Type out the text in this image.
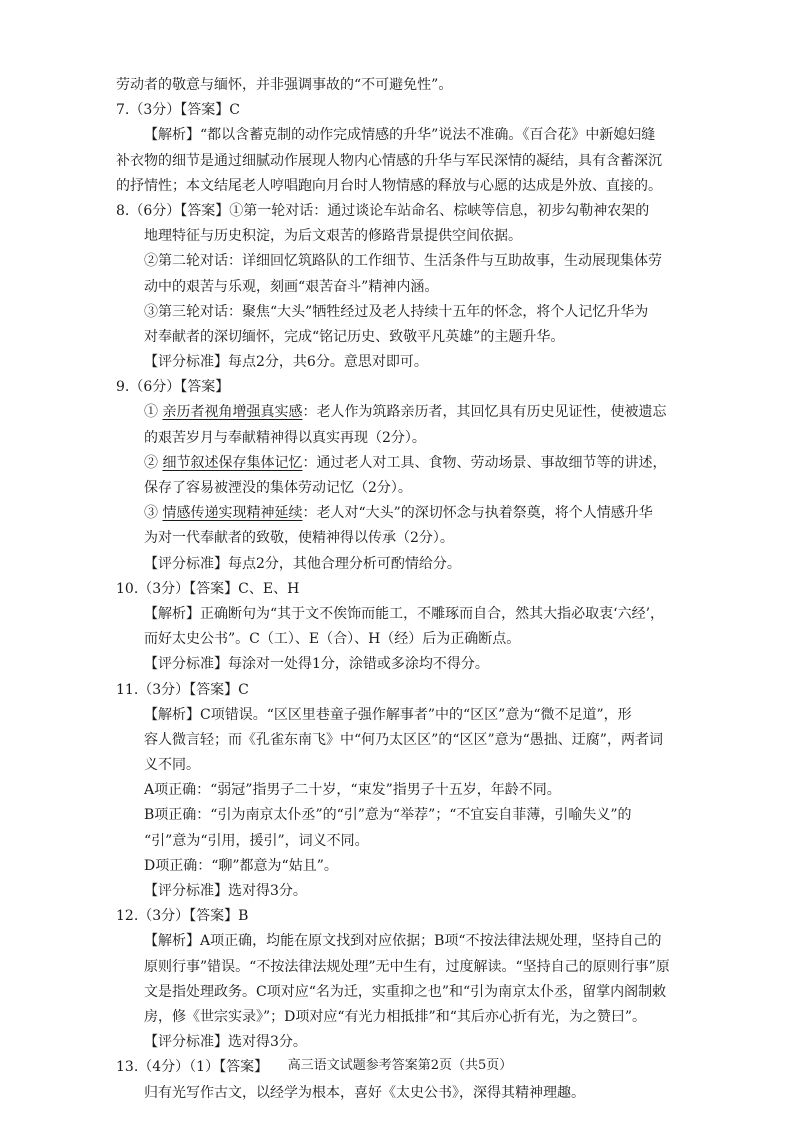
劳动者的敬意与缅怀，并非强调事故的“不可避免性”。
7.（3分）【答案】C
【解析】“都以含蓄克制的动作完成情感的升华”说法不准确。《百合花》中新媳妇缝
补衣物的细节是通过细腻动作展现人物内心情感的升华与军民深情的凝结，具有含蓄深沉
的抒情性；本文结尾老人哼唱跑向月台时人物情感的释放与心愿的达成是外放、直接的。
8.（6分）【答案】①第一轮对话：通过谈论车站命名、棕峡等信息，初步勾勒神农架的
地理特征与历史积淀，为后文艰苦的修路背景提供空间依据。
②第二轮对话：详细回忆筑路队的工作细节、生活条件与互助故事，生动展现集体劳
动中的艰苦与乐观，刻画“艰苦奋斗”精神内涵。
③第三轮对话：聚焦“大头”牺牲经过及老人持续十五年的怀念，将个人记忆升华为
对奉献者的深切缅怀，完成“铭记历史、致敬平凡英雄”的主题升华。
【评分标准】每点2分，共6分。意思对即可。
9.（6分）【答案】
① 亲历者视角增强真实感：老人作为筑路亲历者，其回忆具有历史见证性，使被遗忘
的艰苦岁月与奉献精神得以真实再现（2分）。
② 细节叙述保存集体记忆：通过老人对工具、食物、劳动场景、事故细节等的讲述，
保存了容易被湮没的集体劳动记忆（2分）。
③ 情感传递实现精神延续：老人对“大头”的深切怀念与执着祭奠，将个人情感升华
为对一代奉献者的致敬，使精神得以传承（2分）。
【评分标准】每点2分，其他合理分析可酌情给分。
10.（3分）【答案】C、E、H
【解析】正确断句为“其于文不俟饰而能工，不雕琢而自合，然其大指必取衷‘六经’，
而好太史公书”。C（工）、E（合）、H（经）后为正确断点。
【评分标准】每涂对一处得1分，涂错或多涂均不得分。
11.（3分）【答案】C
【解析】C项错误。“区区里巷童子强作解事者”中的“区区”意为“微不足道”，形
容人微言轻；而《孔雀东南飞》中“何乃太区区”的“区区”意为“愚拙、迂腐”，两者词
义不同。
A项正确：“弱冠”指男子二十岁，“束发”指男子十五岁，年龄不同。
B项正确：“引为南京太仆丞”的“引”意为“举荐”；“不宜妄自菲薄，引喻失义”的
“引”意为“引用，援引”，词义不同。
D项正确：“聊”都意为“姑且”。
【评分标准】选对得3分。
12.（3分）【答案】B
【解析】A项正确，均能在原文找到对应依据；B项“不按法律法规处理，坚持自己的
原则行事”错误。“不按法律法规处理”无中生有，过度解读。“坚持自己的原则行事”原
文是指处理政务。C项对应“名为迁，实重抑之也”和“引为南京太仆丞，留掌内阁制敕
房，修《世宗实录》”；D项对应“有光力相抵排”和“其后亦心折有光，为之赞曰”。
【评分标准】选对得3分。
13.（4分）（1）【答案】
归有光写作古文，以经学为根本，喜好《太史公书》，深得其精神理趣。
高三语文试题参考答案第2页（共5页）
